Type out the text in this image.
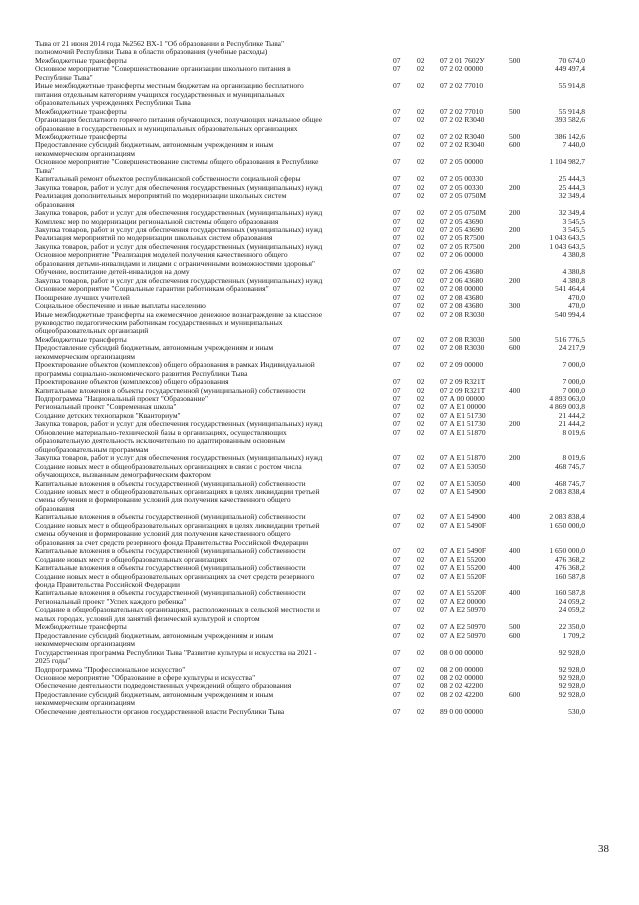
Тыва от 21 июня 2014 года №2562 ВХ-1 "Об образовании в Республике Тыва"
полномочий Республики Тыва в области образования (учебные расходы)
Межбюджетные трансферты	07 02 07 2 01 7602У	500	70 674,0
Основное мероприятие "Совершенствование организации школьного питания в
Республике Тыва"
07 02 07 2 02 00000	449 497,4
Иные межбюджетные трансферты местным бюджетам на организацию бесплатного
питания отдельным категориям учащихся государственных и муниципальных
образовательных учреждениях Республики Тыва
07 02 07 2 02 77010	55 914,8
Межбюджетные трансферты	07 02 07 2 02 77010	500	55 914,8
Организация бесплатного горячего питания обучающихся, получающих начальное общее
образование в государственных и муниципальных образовательных организациях
07 02 07 2 02 R3040	393 582,6
Межбюджетные трансферты	07 02 07 2 02 R3040	500	386 142,6
Предоставление субсидий бюджетным, автономным учреждениям и иным
некоммерческим организациям
07 02 07 2 02 R3040	600	7 440,0
Основное мероприятие "Совершенствование системы общего образования в Республике
Тыва"
07 02 07 2 05 00000	1 104 982,7
Капитальный ремонт объектов республиканской собственности социальной сферы	07 02 07 2 05 00330	25 444,3
Закупка товаров, работ и услуг для обеспечения государственных (муниципальных) нужд	07 02 07 2 05 00330	200	25 444,3
Реализация дополнительных мероприятий по модернизации школьных систем
образования
07 02 07 2 05 0750М	32 349,4
Закупка товаров, работ и услуг для обеспечения государственных (муниципальных) нужд	07 02 07 2 05 0750М	200	32 349,4
Комплекс мер по модернизации региональной системы общего образования	07 02 07 2 05 43690	3 545,5
Закупка товаров, работ и услуг для обеспечения государственных (муниципальных) нужд	07 02 07 2 05 43690	200	3 545,5
Реализация мероприятий по модернизации школьных систем образования	07 02 07 2 05 R7500	1 043 643,5
Закупка товаров, работ и услуг для обеспечения государственных (муниципальных) нужд	07 02 07 2 05 R7500	200	1 043 643,5
Основное мероприятие "Реализация моделей получения качественного общего
образования детьми-инвалидами и лицами с ограниченными возможностями здоровья"
07 02 07 2 06 00000	4 380,8
Обучение, воспитание детей-инвалидов на дому	07 02 07 2 06 43680	4 380,8
Закупка товаров, работ и услуг для обеспечения государственных (муниципальных) нужд	07 02 07 2 06 43680	200	4 380,8
Основное мероприятие "Социальные гарантии работникам образования"	07 02 07 2 08 00000	541 464,4
Поощрение лучших учителей	07 02 07 2 08 43680	470,0
Социальное обеспечение и иные выплаты населению	07 02 07 2 08 43680	300	470,0
Иные межбюджетные трансферты на ежемесячное денежное вознаграждение за классное
руководство педагогическим работникам государственных и муниципальных
общеобразовательных организаций
07 02 07 2 08 R3030	540 994,4
Межбюджетные трансферты	07 02 07 2 08 R3030	500	516 776,5
Предоставление субсидий бюджетным, автономным учреждениям и иным
некоммерческим организациям
07 02 07 2 08 R3030	600	24 217,9
Проектирование объектов (комплексов) общего образования в рамках Индивидуальной
программы социально-экономического развития Республики Тыва
07 02 07 2 09 00000	7 000,0
Проектирование объектов (комплексов) общего образования	07 02 07 2 09 R321Т	7 000,0
Капитальные вложения в объекты государственной (муниципальной) собственности	07 02 07 2 09 R321Т	400	7 000,0
Подпрограмма "Национальный проект "Образование"	07 02 07 А 00 00000	4 893 063,0
Региональный проект "Современная школа"	07 02 07 А Е1 00000	4 869 003,8
Создание детских технопарков "Кванториум"	07 02 07 А Е1 51730	21 444,2
Закупка товаров, работ и услуг для обеспечения государственных (муниципальных) нужд	07 02 07 А Е1 51730	200	21 444,2
Обновление материально-технической базы в организациях, осуществляющих
образовательную деятельность исключительно по адаптированным основным
общеобразовательным программам
07 02 07 А Е1 51870	8 019,6
Закупка товаров, работ и услуг для обеспечения государственных (муниципальных) нужд	07 02 07 А Е1 51870	200	8 019,6
Создание новых мест в общеобразовательных организациях в связи с ростом числа
обучающихся, вызванным демографическим фактором
07 02 07 А Е1 53050	468 745,7
Капитальные вложения в объекты государственной (муниципальной) собственности	07 02 07 А Е1 53050	400	468 745,7
Создание новых мест в общеобразовательных организациях в целях ликвидации третьей
смены обучения и формирование условий для получения качественного общего
образования
07 02 07 А Е1 54900	2 083 838,4
Капитальные вложения в объекты государственной (муниципальной) собственности	07 02 07 А Е1 54900	400	2 083 838,4
Создание новых мест в общеобразовательных организациях в целях ликвидации третьей
смены обучения и формирование условий для получения качественного общего
образования за счет средств резервного фонда Правительства Российской Федерации
07 02 07 А Е1 5490F	1 650 000,0
Капитальные вложения в объекты государственной (муниципальной) собственности	07 02 07 А Е1 5490F	400	1 650 000,0
Создание новых мест в общеобразовательных организациях	07 02 07 А Е1 55200	476 368,2
Капитальные вложения в объекты государственной (муниципальной) собственности	07 02 07 А Е1 55200	400	476 368,2
Создание новых мест в общеобразовательных организациях за счет средств резервного
фонда Правительства Российской Федерации
07 02 07 А Е1 5520F	160 587,8
Капитальные вложения в объекты государственной (муниципальной) собственности	07 02 07 А Е1 5520F	400	160 587,8
Региональный проект "Успех каждого ребенка"	07 02 07 А Е2 00000	24 059,2
Создание в общеобразовательных организациях, расположенных в сельской местности и
малых городах, условий для занятий физической культурой и спортом
07 02 07 А Е2 50970	24 059,2
Межбюджетные трансферты	07 02 07 А Е2 50970	500	22 350,0
Предоставление субсидий бюджетным, автономным учреждениям и иным
некоммерческим организациям
07 02 07 А Е2 50970	600	1 709,2
Государственная программа Республики Тыва "Развитие культуры и искусства на 2021 -
2025 годы"
07 02 08 0 00 00000	92 928,0
Подпрограмма "Профессиональное искусство"	07 02 08 2 00 00000	92 928,0
Основное мероприятие "Образование в сфере культуры и искусства"	07 02 08 2 02 00000	92 928,0
Обеспечение деятельности подведомственных учреждений общего образования	07 02 08 2 02 42200	92 928,0
Предоставление субсидий бюджетным, автономным учреждениям и иным
некоммерческим организациям
07 02 08 2 02 42200	600	92 928,0
Обеспечение деятельности органов государственной власти Республики Тыва	07 02 89 0 00 00000	530,0
38
